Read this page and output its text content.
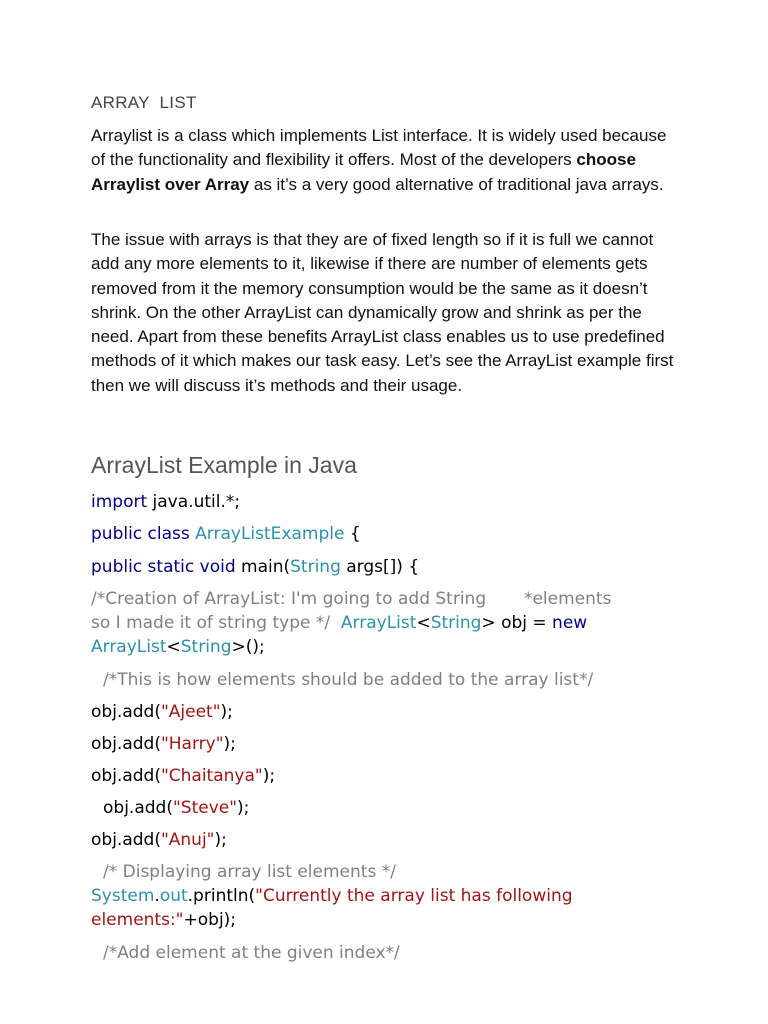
ARRAY  LIST
Arraylist is a class which implements List interface. It is widely used because of the functionality and flexibility it offers. Most of the developers choose Arraylist over Array as it’s a very good alternative of traditional java arrays.
The issue with arrays is that they are of fixed length so if it is full we cannot add any more elements to it, likewise if there are number of elements gets removed from it the memory consumption would be the same as it doesn’t shrink. On the other ArrayList can dynamically grow and shrink as per the need. Apart from these benefits ArrayList class enables us to use predefined methods of it which makes our task easy. Let’s see the ArrayList example first then we will discuss it’s methods and their usage.
ArrayList Example in Java
import java.util.*;
public class ArrayListExample {
public static void main(String args[]) {
/*Creation of ArrayList: I'm going to add String       *elements
so I made it of string type */ ArrayList<String> obj = new
ArrayList<String>();
/*This is how elements should be added to the array list*/
obj.add("Ajeet");
obj.add("Harry");
obj.add("Chaitanya");
obj.add("Steve");
obj.add("Anuj");
/* Displaying array list elements */
System.out.println("Currently the array list has following
elements:"+obj);
/*Add element at the given index*/
